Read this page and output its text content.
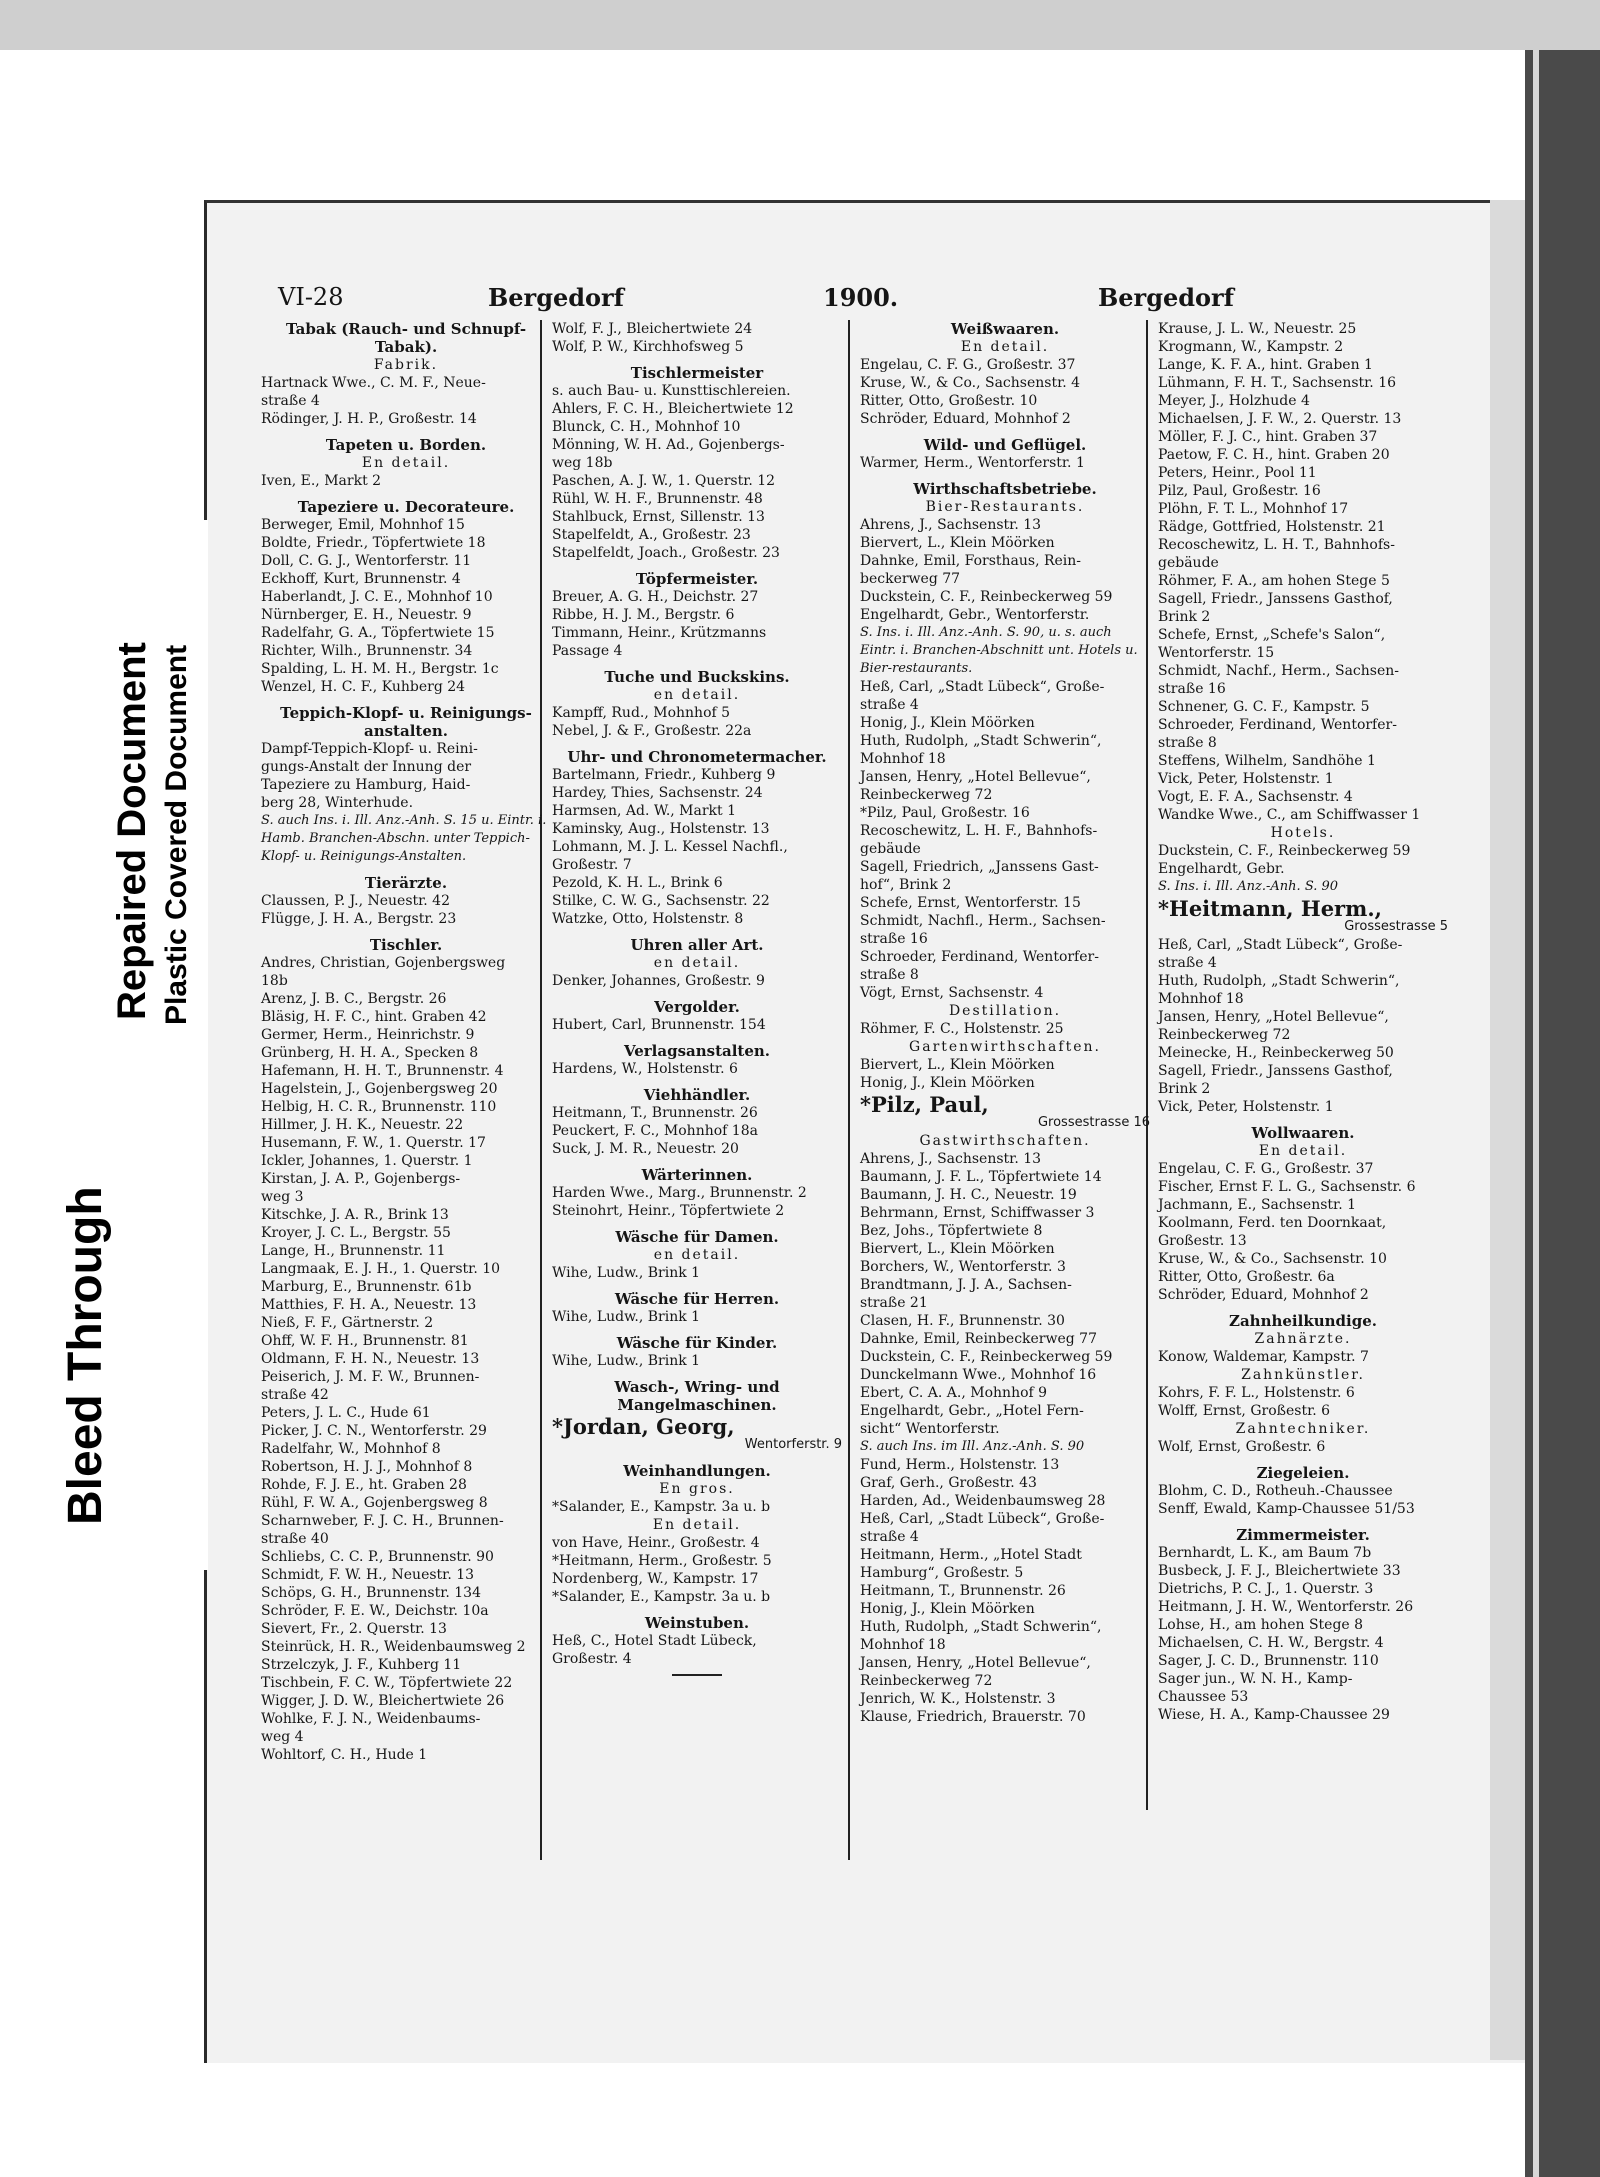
Bleed Through
Repaired Document Plastic Covered Document
VI-28	Bergedorf	1900.	Bergedorf
Tabak (Rauch- und Schnupf-Tabak).
Fabrik.
Hartnack Wwe., C. M. F., Neue-
straße 4
Rödinger, J. H. P., Großestr. 14
Tapeten u. Borden.
En detail.
Iven, E., Markt 2
Tapeziere u. Decorateure.
Berweger, Emil, Mohnhof 15
Boldte, Friedr., Töpfertwiete 18
Doll, C. G. J., Wentorferstr. 11
Eckhoff, Kurt, Brunnenstr. 4
Haberlandt, J. C. E., Mohnhof 10
Nürnberger, E. H., Neuestr. 9
Radelfahr, G. A., Töpfertwiete 15
Richter, Wilh., Brunnenstr. 34
Spalding, L. H. M. H., Bergstr. 1c
Wenzel, H. C. F., Kuhberg 24
Teppich-Klopf- u. Reinigungs-anstalten.
Dampf-Teppich-Klopf- u. Reini-
gungs-Anstalt der Innung der
Tapeziere zu Hamburg, Haid-
berg 28, Winterhude.
S. auch Ins. i. Ill. Anz.-Anh. S. 15 u. Eintr. i. Hamb. Branchen-Abschn. unter Teppich-Klopf- u. Reinigungs-Anstalten.
Tierärzte.
Claussen, P. J., Neuestr. 42
Flügge, J. H. A., Bergstr. 23
Tischler.
Andres, Christian, Gojenbergsweg
18b
Arenz, J. B. C., Bergstr. 26
Bläsig, H. F. C., hint. Graben 42
Germer, Herm., Heinrichstr. 9
Grünberg, H. H. A., Specken 8
Hafemann, H. H. T., Brunnenstr. 4
Hagelstein, J., Gojenbergsweg 20
Helbig, H. C. R., Brunnenstr. 110
Hillmer, J. H. K., Neuestr. 22
Husemann, F. W., 1. Querstr. 17
Ickler, Johannes, 1. Querstr. 1
Kirstan, J. A. P., Gojenbergs-
weg 3
Kitschke, J. A. R., Brink 13
Kroyer, J. C. L., Bergstr. 55
Lange, H., Brunnenstr. 11
Langmaak, E. J. H., 1. Querstr. 10
Marburg, E., Brunnenstr. 61b
Matthies, F. H. A., Neuestr. 13
Nieß, F. F., Gärtnerstr. 2
Ohff, W. F. H., Brunnenstr. 81
Oldmann, F. H. N., Neuestr. 13
Peiserich, J. M. F. W., Brunnen-
straße 42
Peters, J. L. C., Hude 61
Picker, J. C. N., Wentorferstr. 29
Radelfahr, W., Mohnhof 8
Robertson, H. J. J., Mohnhof 8
Rohde, F. J. E., ht. Graben 28
Rühl, F. W. A., Gojenbergsweg 8
Scharnweber, F. J. C. H., Brunnen-
straße 40
Schliebs, C. C. P., Brunnenstr. 90
Schmidt, F. W. H., Neuestr. 13
Schöps, G. H., Brunnenstr. 134
Schröder, F. E. W., Deichstr. 10a
Sievert, Fr., 2. Querstr. 13
Steinrück, H. R., Weidenbaumsweg 2
Strzelczyk, J. F., Kuhberg 11
Tischbein, F. C. W., Töpfertwiete 22
Wigger, J. D. W., Bleichertwiete 26
Wohlke, F. J. N., Weidenbaums-
weg 4
Wohltorf, C. H., Hude 1
Wolf, F. J., Bleichertwiete 24
Wolf, P. W., Kirchhofsweg 5
Tischlermeister
s. auch Bau- u. Kunsttischlereien.
Ahlers, F. C. H., Bleichertwiete 12
Blunck, C. H., Mohnhof 10
Mönning, W. H. Ad., Gojenbergs-
weg 18b
Paschen, A. J. W., 1. Querstr. 12
Rühl, W. H. F., Brunnenstr. 48
Stahlbuck, Ernst, Sillenstr. 13
Stapelfeldt, A., Großestr. 23
Stapelfeldt, Joach., Großestr. 23
Töpfermeister.
Breuer, A. G. H., Deichstr. 27
Ribbe, H. J. M., Bergstr. 6
Timmann, Heinr., Krützmanns
Passage 4
Tuche und Buckskins.
en detail.
Kampff, Rud., Mohnhof 5
Nebel, J. & F., Großestr. 22a
Uhr- und Chronometermacher.
Bartelmann, Friedr., Kuhberg 9
Hardey, Thies, Sachsenstr. 24
Harmsen, Ad. W., Markt 1
Kaminsky, Aug., Holstenstr. 13
Lohmann, M. J. L. Kessel Nachfl.,
Großestr. 7
Pezold, K. H. L., Brink 6
Stilke, C. W. G., Sachsenstr. 22
Watzke, Otto, Holstenstr. 8
Uhren aller Art.
en detail.
Denker, Johannes, Großestr. 9
Vergolder.
Hubert, Carl, Brunnenstr. 154
Verlagsanstalten.
Hardens, W., Holstenstr. 6
Viehhändler.
Heitmann, T., Brunnenstr. 26
Peuckert, F. C., Mohnhof 18a
Suck, J. M. R., Neuestr. 20
Wärterinnen.
Harden Wwe., Marg., Brunnenstr. 2
Steinohrt, Heinr., Töpfertwiete 2
Wäsche für Damen.
en detail.
Wihe, Ludw., Brink 1
Wäsche für Herren.
Wihe, Ludw., Brink 1
Wäsche für Kinder.
Wihe, Ludw., Brink 1
Wasch-, Wring- und Mangelmaschinen.
*Jordan, Georg,
Wentorferstr. 9
Weinhandlungen.
En gros.
*Salander, E., Kampstr. 3a u. b
En detail.
von Have, Heinr., Großestr. 4
*Heitmann, Herm., Großestr. 5
Nordenberg, W., Kampstr. 17
*Salander, E., Kampstr. 3a u. b
Weinstuben.
Heß, C., Hotel Stadt Lübeck,
Großestr. 4
Weißwaaren.
En detail.
Engelau, C. F. G., Großestr. 37
Kruse, W., & Co., Sachsenstr. 4
Ritter, Otto, Großestr. 10
Schröder, Eduard, Mohnhof 2
Wild- und Geflügel.
Warmer, Herm., Wentorferstr. 1
Wirthschaftsbetriebe.
Bier-Restaurants.
Ahrens, J., Sachsenstr. 13
Biervert, L., Klein Möörken
Dahnke, Emil, Forsthaus, Rein-
beckerweg 77
Duckstein, C. F., Reinbeckerweg 59
Engelhardt, Gebr., Wentorferstr.
S. Ins. i. Ill. Anz.-Anh. S. 90, u. s. auch Eintr. i. Branchen-Abschnitt unt. Hotels u. Bier-restaurants.
Heß, Carl, „Stadt Lübeck“, Große-
straße 4
Honig, J., Klein Möörken
Huth, Rudolph, „Stadt Schwerin“,
Mohnhof 18
Jansen, Henry, „Hotel Bellevue“,
Reinbeckerweg 72
*Pilz, Paul, Großestr. 16
Recoschewitz, L. H. F., Bahnhofs-
gebäude
Sagell, Friedrich, „Janssens Gast-
hof“, Brink 2
Schefe, Ernst, Wentorferstr. 15
Schmidt, Nachfl., Herm., Sachsen-
straße 16
Schroeder, Ferdinand, Wentorfer-
straße 8
Vögt, Ernst, Sachsenstr. 4
Destillation.
Röhmer, F. C., Holstenstr. 25
Gartenwirthschaften.
Biervert, L., Klein Möörken
Honig, J., Klein Möörken
*Pilz, Paul,
Grossestrasse 16
Gastwirthschaften.
Ahrens, J., Sachsenstr. 13
Baumann, J. F. L., Töpfertwiete 14
Baumann, J. H. C., Neuestr. 19
Behrmann, Ernst, Schiffwasser 3
Bez, Johs., Töpfertwiete 8
Biervert, L., Klein Möörken
Borchers, W., Wentorferstr. 3
Brandtmann, J. J. A., Sachsen-
straße 21
Clasen, H. F., Brunnenstr. 30
Dahnke, Emil, Reinbeckerweg 77
Duckstein, C. F., Reinbeckerweg 59
Dunckelmann Wwe., Mohnhof 16
Ebert, C. A. A., Mohnhof 9
Engelhardt, Gebr., „Hotel Fern-
sicht“ Wentorferstr.
S. auch Ins. im Ill. Anz.-Anh. S. 90
Fund, Herm., Holstenstr. 13
Graf, Gerh., Großestr. 43
Harden, Ad., Weidenbaumsweg 28
Heß, Carl, „Stadt Lübeck“, Große-
straße 4
Heitmann, Herm., „Hotel Stadt
Hamburg“, Großestr. 5
Heitmann, T., Brunnenstr. 26
Honig, J., Klein Möörken
Huth, Rudolph, „Stadt Schwerin“,
Mohnhof 18
Jansen, Henry, „Hotel Bellevue“,
Reinbeckerweg 72
Jenrich, W. K., Holstenstr. 3
Klause, Friedrich, Brauerstr. 70
Krause, J. L. W., Neuestr. 25
Krogmann, W., Kampstr. 2
Lange, K. F. A., hint. Graben 1
Lühmann, F. H. T., Sachsenstr. 16
Meyer, J., Holzhude 4
Michaelsen, J. F. W., 2. Querstr. 13
Möller, F. J. C., hint. Graben 37
Paetow, F. C. H., hint. Graben 20
Peters, Heinr., Pool 11
Pilz, Paul, Großestr. 16
Plöhn, F. T. L., Mohnhof 17
Rädge, Gottfried, Holstenstr. 21
Recoschewitz, L. H. T., Bahnhofs-
gebäude
Röhmer, F. A., am hohen Stege 5
Sagell, Friedr., Janssens Gasthof,
Brink 2
Schefe, Ernst, „Schefe's Salon“,
Wentorferstr. 15
Schmidt, Nachf., Herm., Sachsen-
straße 16
Schnener, G. C. F., Kampstr. 5
Schroeder, Ferdinand, Wentorfer-
straße 8
Steffens, Wilhelm, Sandhöhe 1
Vick, Peter, Holstenstr. 1
Vogt, E. F. A., Sachsenstr. 4
Wandke Wwe., C., am Schiffwasser 1
Hotels.
Duckstein, C. F., Reinbeckerweg 59
Engelhardt, Gebr.
S. Ins. i. Ill. Anz.-Anh. S. 90
*Heitmann, Herm.,
Grossestrasse 5
Heß, Carl, „Stadt Lübeck“, Große-
straße 4
Huth, Rudolph, „Stadt Schwerin“,
Mohnhof 18
Jansen, Henry, „Hotel Bellevue“,
Reinbeckerweg 72
Meinecke, H., Reinbeckerweg 50
Sagell, Friedr., Janssens Gasthof,
Brink 2
Vick, Peter, Holstenstr. 1
Wollwaaren.
En detail.
Engelau, C. F. G., Großestr. 37
Fischer, Ernst F. L. G., Sachsenstr. 6
Jachmann, E., Sachsenstr. 1
Koolmann, Ferd. ten Doornkaat,
Großestr. 13
Kruse, W., & Co., Sachsenstr. 10
Ritter, Otto, Großestr. 6a
Schröder, Eduard, Mohnhof 2
Zahnheilkundige.
Zahnärzte.
Konow, Waldemar, Kampstr. 7
Zahnkünstler.
Kohrs, F. F. L., Holstenstr. 6
Wolff, Ernst, Großestr. 6
Zahntechniker.
Wolf, Ernst, Großestr. 6
Ziegeleien.
Blohm, C. D., Rotheuh.-Chaussee
Senff, Ewald, Kamp-Chaussee 51/53
Zimmermeister.
Bernhardt, L. K., am Baum 7b
Busbeck, J. F. J., Bleichertwiete 33
Dietrichs, P. C. J., 1. Querstr. 3
Heitmann, J. H. W., Wentorferstr. 26
Lohse, H., am hohen Stege 8
Michaelsen, C. H. W., Bergstr. 4
Sager, J. C. D., Brunnenstr. 110
Sager jun., W. N. H., Kamp-
Chaussee 53
Wiese, H. A., Kamp-Chaussee 29
